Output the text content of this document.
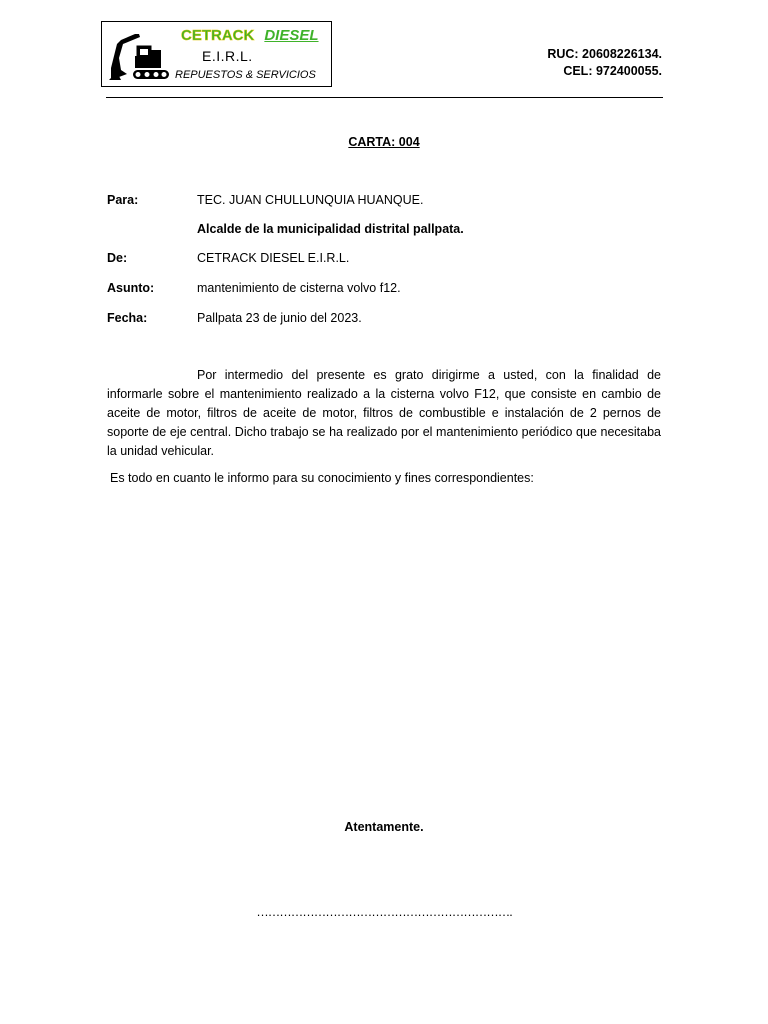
CETRACK DIESEL
E.I.R.L.
REPUESTOS & SERVICIOS
RUC: 20608226134.
CEL: 972400055.
CARTA: 004
Para:	TEC. JUAN CHULLUNQUIA HUANQUE.
Alcalde de la municipalidad distrital pallpata.
De:	CETRACK DIESEL E.I.R.L.
Asunto:	mantenimiento de cisterna volvo f12.
Fecha:	Pallpata 23 de junio del 2023.
Por intermedio del presente es grato dirigirme a usted, con la finalidad de informarle sobre el mantenimiento realizado a la cisterna volvo F12, que consiste en cambio de aceite de motor, filtros de aceite de motor, filtros de combustible e instalación de 2 pernos de soporte de eje central. Dicho trabajo se ha realizado por el mantenimiento periódico que necesitaba la unidad vehicular.
Es todo en cuanto le informo para su conocimiento y fines correspondientes:
Atentamente.
………………………………………………………….
